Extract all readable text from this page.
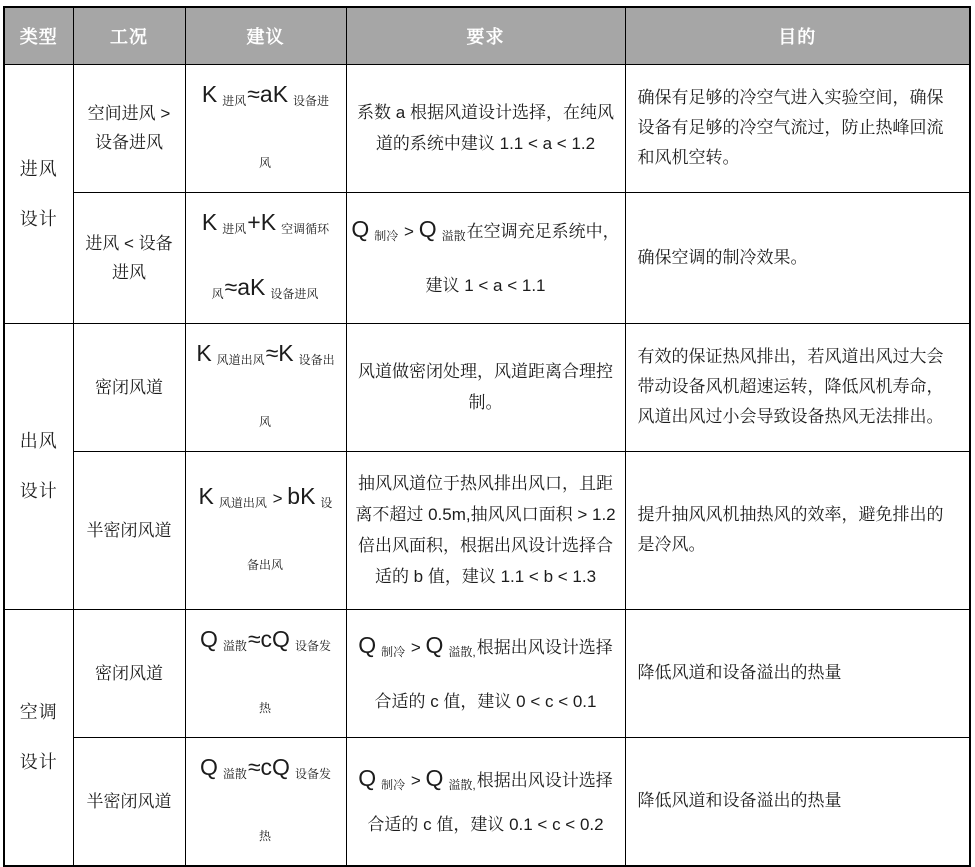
类型	工况	建议	要求	目的

进风
设计	空间进风 > 设备进风	K $_{进风}$≈aK $_{设备进风}$	系数 a 根据风道设计选择，在纯风道的系统中建议 1.1 < a < 1.2	确保有足够的冷空气进入实验空间，确保设备有足够的冷空气流过，防止热峰回流和风机空转。
	进风 < 设备进风	K $_{进风}$+K $_{空调循环风}$≈aK $_{设备进风}$	Q $_{制冷}$ > Q $_{溢散}$在空调充足系统中，建议 1 < a < 1.1	确保空调的制冷效果。

出风
设计	密闭风道	K $_{风道出风}$≈K $_{设备出风}$	风道做密闭处理，风道距离合理控制。	有效的保证热风排出，若风道出风过大会带动设备风机超速运转，降低风机寿命，风道出风过小会导致设备热风无法排出。
	半密闭风道	K $_{风道出风}$ > bK $_{设备出风}$	抽风风道位于热风排出风口，且距离不超过 0.5m,抽风风口面积 > 1.2 倍出风面积，根据出风设计选择合适的 b 值，建议 1.1 < b < 1.3	提升抽风风机抽热风的效率，避免排出的是冷风。

空调
设计	密闭风道	Q $_{溢散}$≈cQ $_{设备发热}$	Q $_{制冷}$ > Q $_{溢散,}$根据出风设计选择合适的 c 值，建议 0 < c < 0.1	降低风道和设备溢出的热量
	半密闭风道	Q $_{溢散}$≈cQ $_{设备发热}$	Q $_{制冷}$ > Q $_{溢散,}$根据出风设计选择合适的 c 值，建议 0.1 < c < 0.2	降低风道和设备溢出的热量
